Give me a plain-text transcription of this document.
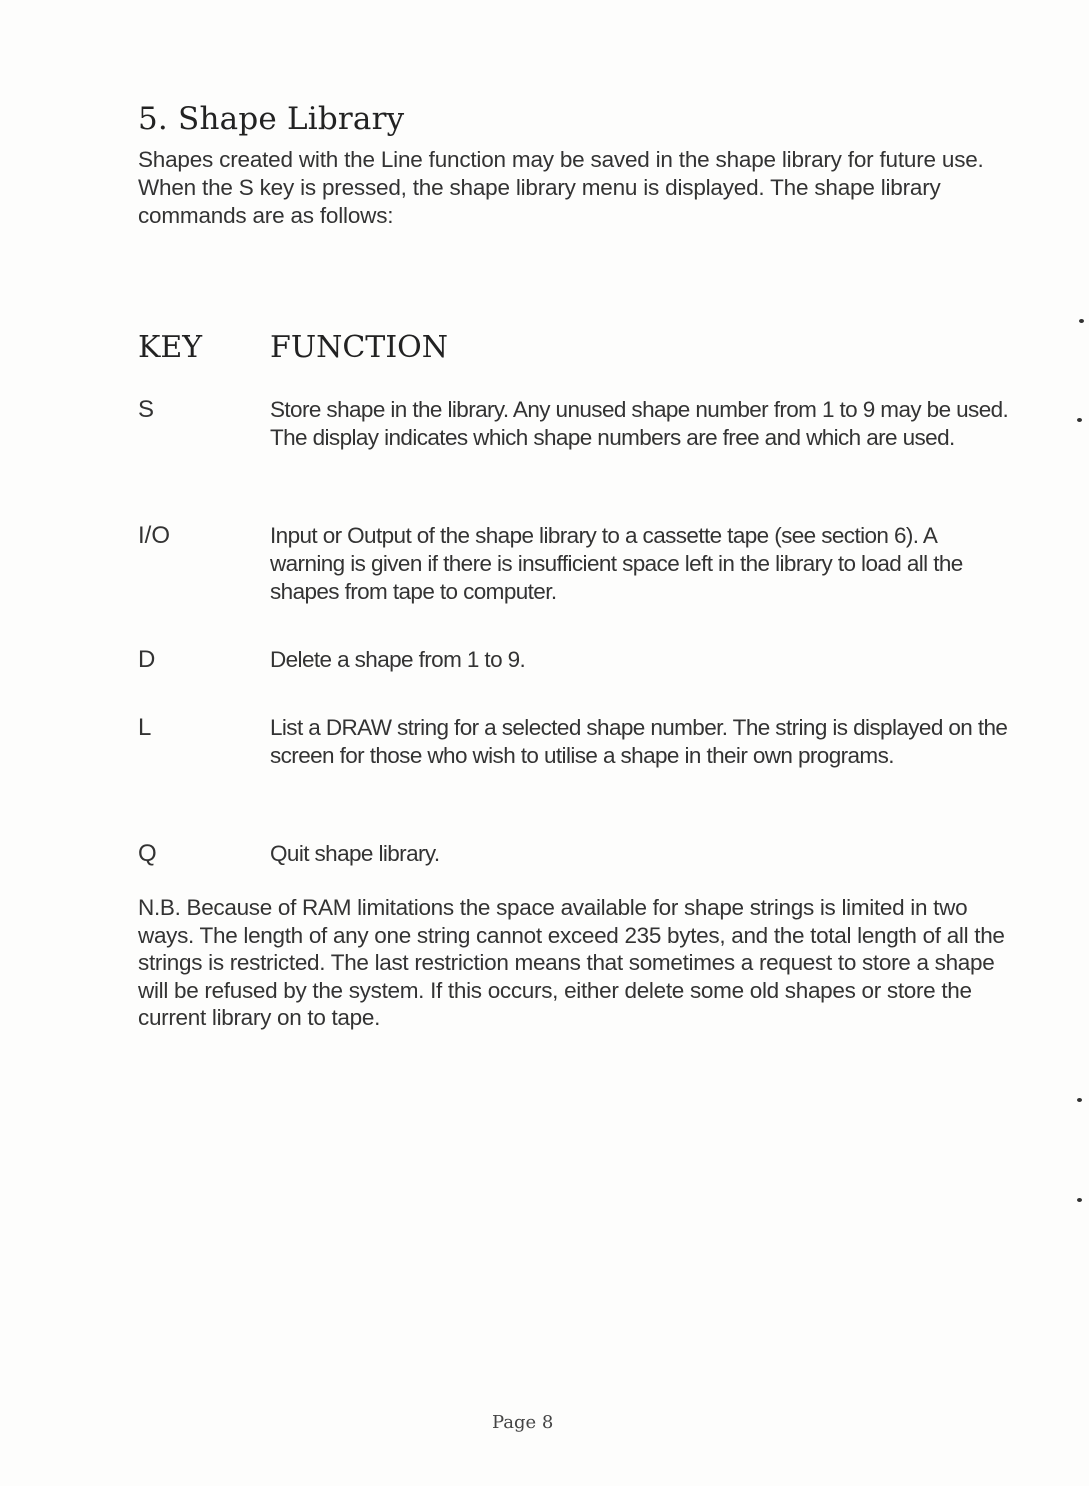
5. Shape Library
Shapes created with the Line function may be saved in the shape library for future use. When the S key is pressed, the shape library menu is displayed. The shape library commands are as follows:
KEY FUNCTION
S	Store shape in the library. Any unused shape number from 1 to 9 may be used. The display indicates which shape numbers are free and which are used.
I/O	Input or Output of the shape library to a cassette tape (see section 6). A warning is given if there is insufficient space left in the library to load all the shapes from tape to computer.
D	Delete a shape from 1 to 9.
L	List a DRAW string for a selected shape number. The string is displayed on the screen for those who wish to utilise a shape in their own programs.
Q	Quit shape library.
N.B. Because of RAM limitations the space available for shape strings is limited in two ways. The length of any one string cannot exceed 235 bytes, and the total length of all the strings is restricted. The last restriction means that sometimes a request to store a shape will be refused by the system. If this occurs, either delete some old shapes or store the current library on to tape.
Page 8
